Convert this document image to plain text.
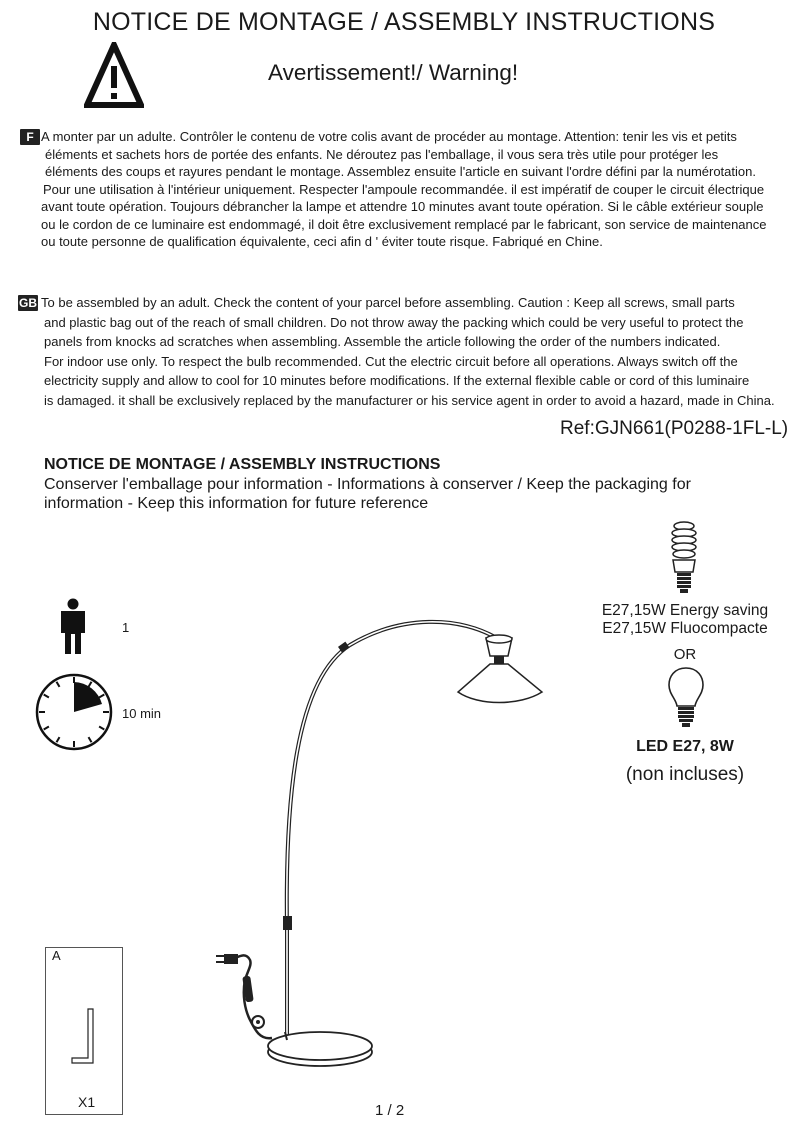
NOTICE DE MONTAGE / ASSEMBLY INSTRUCTIONS
Avertissement!/ Warning!
F A monter par un adulte. Contrôler le contenu de votre colis avant de procéder au montage. Attention: tenir les vis et petits

éléments et sachets hors de portée des enfants. Ne déroutez pas l'emballage, il vous sera très utile pour protéger les

éléments des coups et rayures pendant le montage. Assemblez ensuite l'article en suivant l'ordre défini par la numérotation.

Pour une utilisation à l'intérieur uniquement. Respecter l'ampoule recommandée. il est impératif de couper le circuit électrique

avant toute opération. Toujours débrancher la lampe et attendre 10 minutes avant toute opération. Si le câble extérieur souple

ou le cordon de ce luminaire est endommagé, il doit être exclusivement remplacé par le fabricant, son service de maintenance

ou toute personne de qualification équivalente, ceci afin d ' éviter toute risque. Fabriqué en Chine.

GB To be assembled by an adult. Check the content of your parcel before assembling. Caution : Keep all screws, small parts

and plastic bag out of the reach of small children. Do not throw away the packing which could be very useful to protect the

panels from knocks ad scratches when assembling. Assemble the article following the order of the numbers indicated.

For indoor use only. To respect the bulb recommended. Cut the electric circuit before all operations. Always switch off the

electricity supply and allow to cool for 10 minutes before modifications. If the external flexible cable or cord of this luminaire

is damaged. it shall be exclusively replaced by the manufacturer or his service agent in order to avoid a hazard, made in China.

Ref:GJN661(P0288-1FL-L)
NOTICE DE MONTAGE / ASSEMBLY INSTRUCTIONS
Conserver l'emballage pour information - Informations à conserver / Keep the packaging for
information - Keep this information for future reference
1
10 min
E27,15W Energy saving
E27,15W Fluocompacte
OR
LED E27, 8W
(non incluses)
A
X1	1 / 2
